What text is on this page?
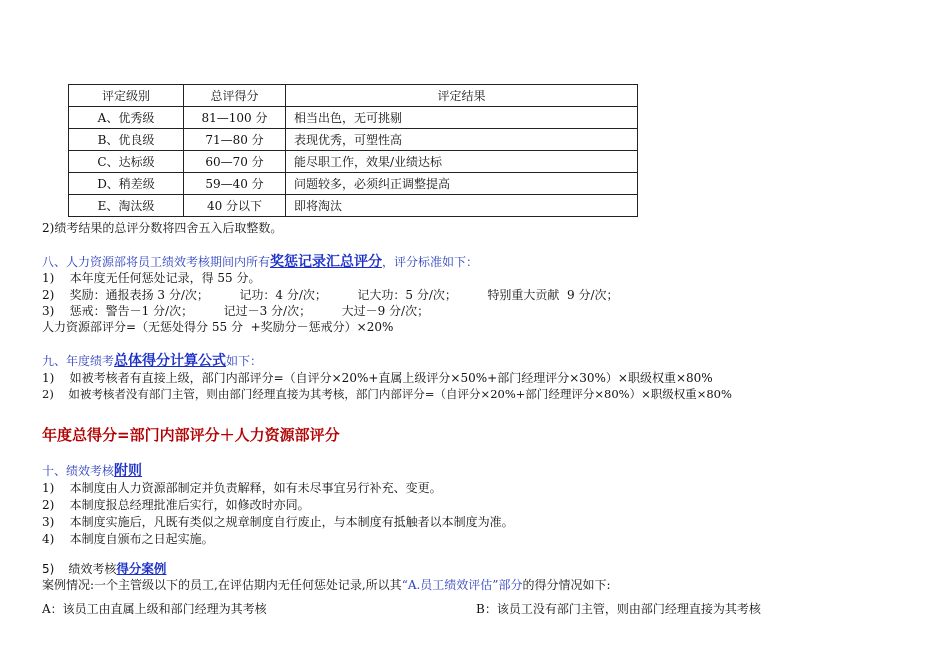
评定级别	总评得分	评定结果
A、优秀级	81—100 分	相当出色，无可挑剔
B、优良级	71—80 分	表现优秀，可塑性高
C、达标级	60—70 分	能尽职工作，效果/业绩达标
D、稍差级	59—40 分	问题较多，必须纠正调整提高
E、淘汰级	40 分以下	即将淘汰
2)绩考结果的总评分数将四舍五入后取整数。
八、人力资源部将员工绩效考核期间内所有奖惩记录汇总评分，评分标准如下：
1)    本年度无任何惩处记录，得 55 分。
2)    奖励：通报表扬 3 分/次；        记功：4 分/次；        记大功：5 分/次；        特别重大贡献  9 分/次；
3)    惩戒：警告－1 分/次；        记过－3 分/次；        大过－9 分/次；
人力资源部评分=（无惩处得分 55 分  +奖励分－惩戒分）×20%
九、年度绩考总体得分计算公式如下：
1)    如被考核者有直接上级，部门内部评分=（自评分×20%+直属上级评分×50%+部门经理评分×30%）×职级权重×80%
2)    如被考核者没有部门主管，则由部门经理直接为其考核，部门内部评分=（自评分×20%+部门经理评分×80%）×职级权重×80%
年度总得分=部门内部评分＋人力资源部评分
十、绩效考核附则
1)    本制度由人力资源部制定并负责解释，如有未尽事宜另行补充、变更。
2)    本制度报总经理批准后实行，如修改时亦同。
3)    本制度实施后，凡既有类似之规章制度自行废止，与本制度有抵触者以本制度为准。
4)    本制度自颁布之日起实施。
5) 绩效考核得分案例
案例情况:一个主管级以下的员工,在评估期内无任何惩处记录,所以其“A.员工绩效评估”部分的得分情况如下:
A：该员工由直属上级和部门经理为其考核	B：该员工没有部门主管，则由部门经理直接为其考核
